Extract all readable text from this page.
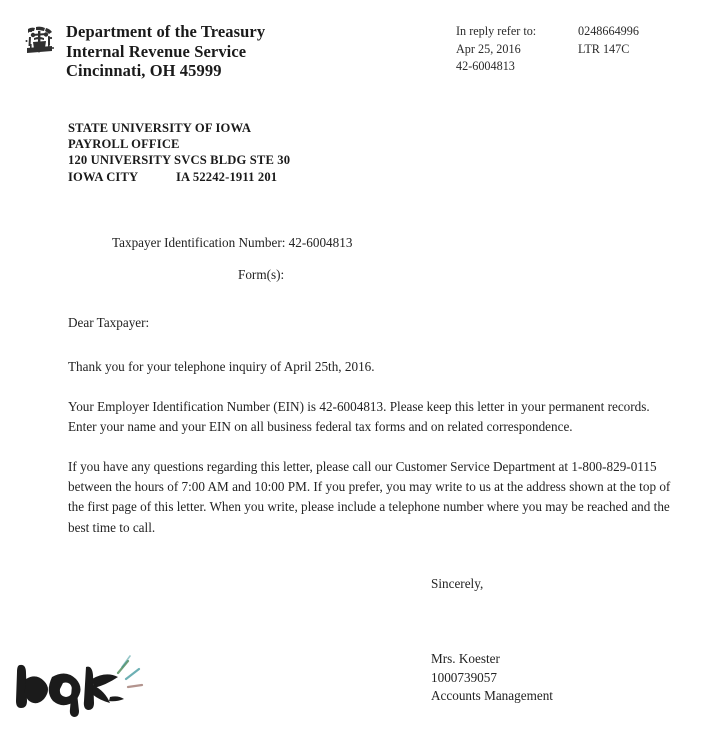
Department of the Treasury
Internal Revenue Service
Cincinnati, OH 45999
In reply refer to:	0248664996
Apr 25, 2016	LTR 147C
42-6004813
STATE UNIVERSITY OF IOWA
PAYROLL OFFICE
120 UNIVERSITY SVCS BLDG STE 30
IOWA CITY	IA 52242-1911 201
Taxpayer Identification Number: 42-6004813
Form(s):

Dear Taxpayer:

Thank you for your telephone inquiry of April 25th, 2016.

Your Employer Identification Number (EIN) is 42-6004813. Please keep this letter in your permanent records. Enter your name and your EIN on all business federal tax forms and on related correspondence.

If you have any questions regarding this letter, please call our Customer Service Department at 1-800-829-0115 between the hours of 7:00 AM and 10:00 PM. If you prefer, you may write to us at the address shown at the top of the first page of this letter. When you write, please include a telephone number where you may be reached and the best time to call.

Sincerely,
Mrs. Koester
1000739057
Accounts Management
